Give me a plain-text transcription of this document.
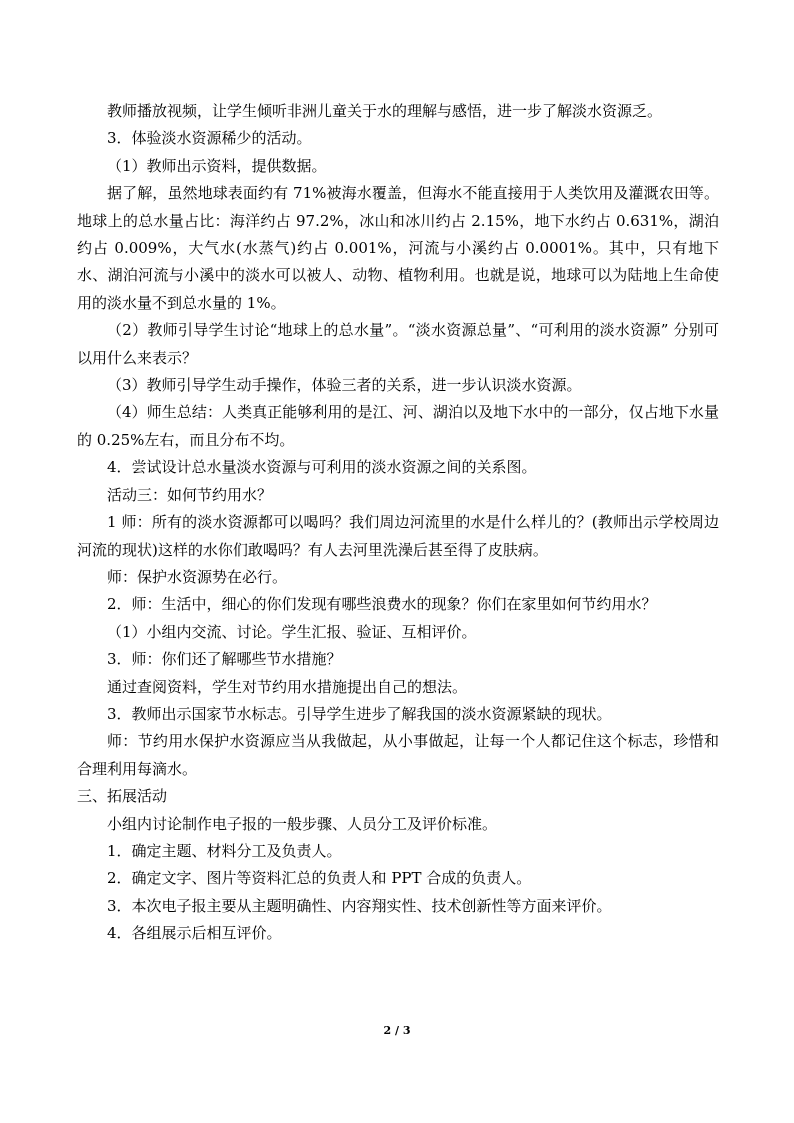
教师播放视频，让学生倾听非洲儿童关于水的理解与感悟，进一步了解淡水资源乏。

3．体验淡水资源稀少的活动。

（1）教师出示资料，提供数据。

据了解，虽然地球表面约有 71%被海水覆盖，但海水不能直接用于人类饮用及灌溉农田等。地球上的总水量占比：海洋约占 97.2%，冰山和冰川约占 2.15%，地下水约占 0.631%，湖泊约占 0.009%，大气水(水蒸气)约占 0.001%，河流与小溪约占 0.0001%。其中，只有地下水、湖泊河流与小溪中的淡水可以被人、动物、植物利用。也就是说，地球可以为陆地上生命使用的淡水量不到总水量的 1%。

（2）教师引导学生讨论“地球上的总水量”。“淡水资源总量”、“可利用的淡水资源” 分别可以用什么来表示？

（3）教师引导学生动手操作，体验三者的关系，进一步认识淡水资源。

（4）师生总结：人类真正能够利用的是江、河、湖泊以及地下水中的一部分，仅占地下水量的 0.25%左右，而且分布不均。

4．尝试设计总水量淡水资源与可利用的淡水资源之间的关系图。

活动三：如何节约用水？

1 师：所有的淡水资源都可以喝吗？我们周边河流里的水是什么样儿的？(教师出示学校周边河流的现状)这样的水你们敢喝吗？有人去河里洗澡后甚至得了皮肤病。

师：保护水资源势在必行。

2．师：生活中，细心的你们发现有哪些浪费水的现象？你们在家里如何节约用水？

（1）小组内交流、讨论。学生汇报、验证、互相评价。

3．师：你们还了解哪些节水措施？

通过查阅资料，学生对节约用水措施提出自己的想法。

3．教师出示国家节水标志。引导学生进步了解我国的淡水资源紧缺的现状。

师：节约用水保护水资源应当从我做起，从小事做起，让每一个人都记住这个标志，珍惜和合理利用每滴水。

三、拓展活动

小组内讨论制作电子报的一般步骤、人员分工及评价标准。

1．确定主题、材料分工及负责人。

2．确定文字、图片等资料汇总的负责人和 PPT 合成的负责人。

3．本次电子报主要从主题明确性、内容翔实性、技术创新性等方面来评价。

4．各组展示后相互评价。

2 / 3
